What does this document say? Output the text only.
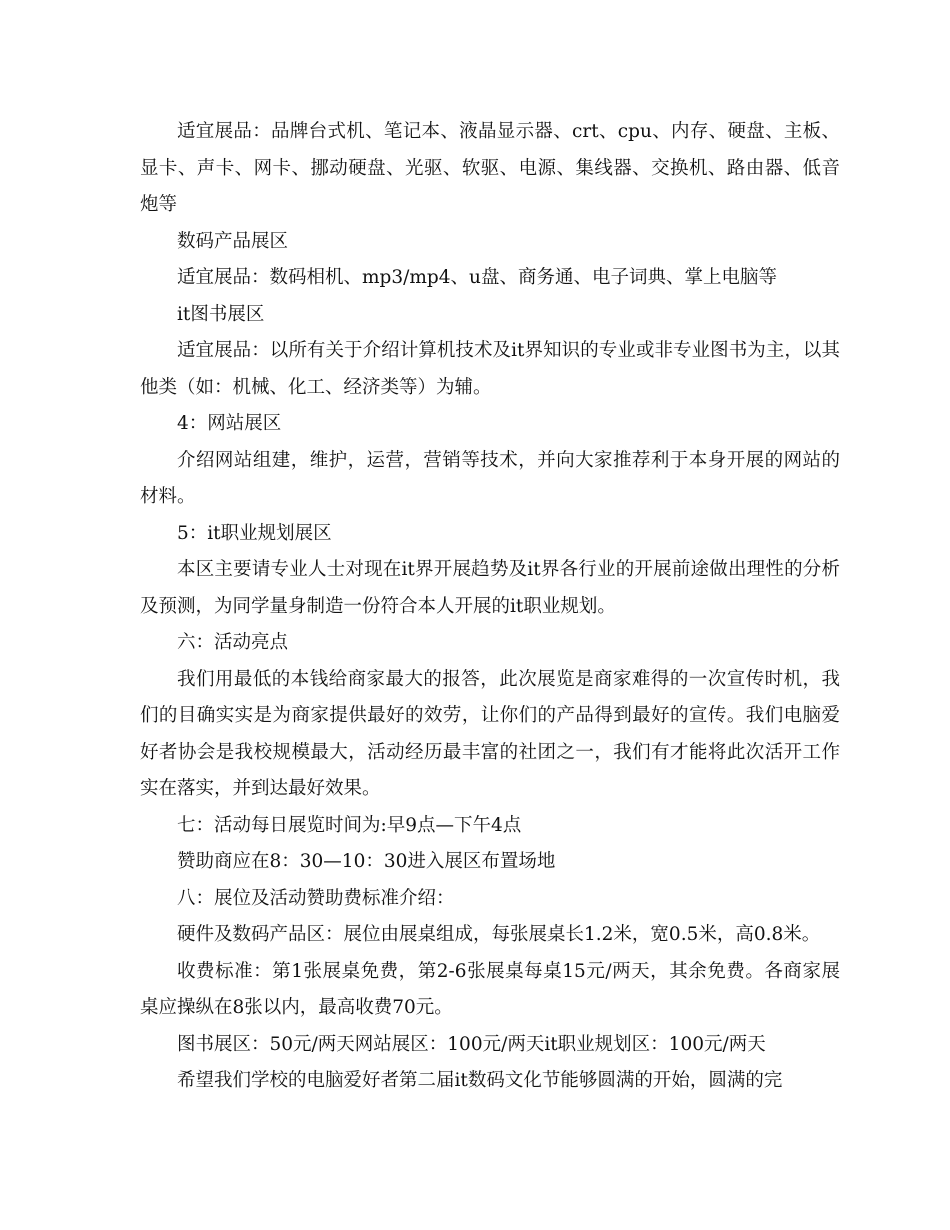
适宜展品：品牌台式机、笔记本、液晶显示器、crt、cpu、内存、硬盘、主板、显卡、声卡、网卡、挪动硬盘、光驱、软驱、电源、集线器、交换机、路由器、低音炮等

数码产品展区

适宜展品：数码相机、mp3/mp4、u盘、商务通、电子词典、掌上电脑等

it图书展区

适宜展品：以所有关于介绍计算机技术及it界知识的专业或非专业图书为主，以其他类（如：机械、化工、经济类等）为辅。

4：网站展区

介绍网站组建，维护，运营，营销等技术，并向大家推荐利于本身开展的网站的材料。

5：it职业规划展区

本区主要请专业人士对现在it界开展趋势及it界各行业的开展前途做出理性的分析及预测，为同学量身制造一份符合本人开展的it职业规划。

六：活动亮点

我们用最低的本钱给商家最大的报答，此次展览是商家难得的一次宣传时机，我们的目确实实是为商家提供最好的效劳，让你们的产品得到最好的宣传。我们电脑爱好者协会是我校规模最大，活动经历最丰富的社团之一，我们有才能将此次活开工作实在落实，并到达最好效果。

七：活动每日展览时间为:早9点—下午4点

赞助商应在8：30—10：30进入展区布置场地

八：展位及活动赞助费标准介绍：

硬件及数码产品区：展位由展桌组成，每张展桌长1.2米，宽0.5米，高0.8米。

收费标准：第1张展桌免费，第2-6张展桌每桌15元/两天，其余免费。各商家展桌应操纵在8张以内，最高收费70元。

图书展区：50元/两天网站展区：100元/两天it职业规划区：100元/两天

希望我们学校的电脑爱好者第二届it数码文化节能够圆满的开始，圆满的完
